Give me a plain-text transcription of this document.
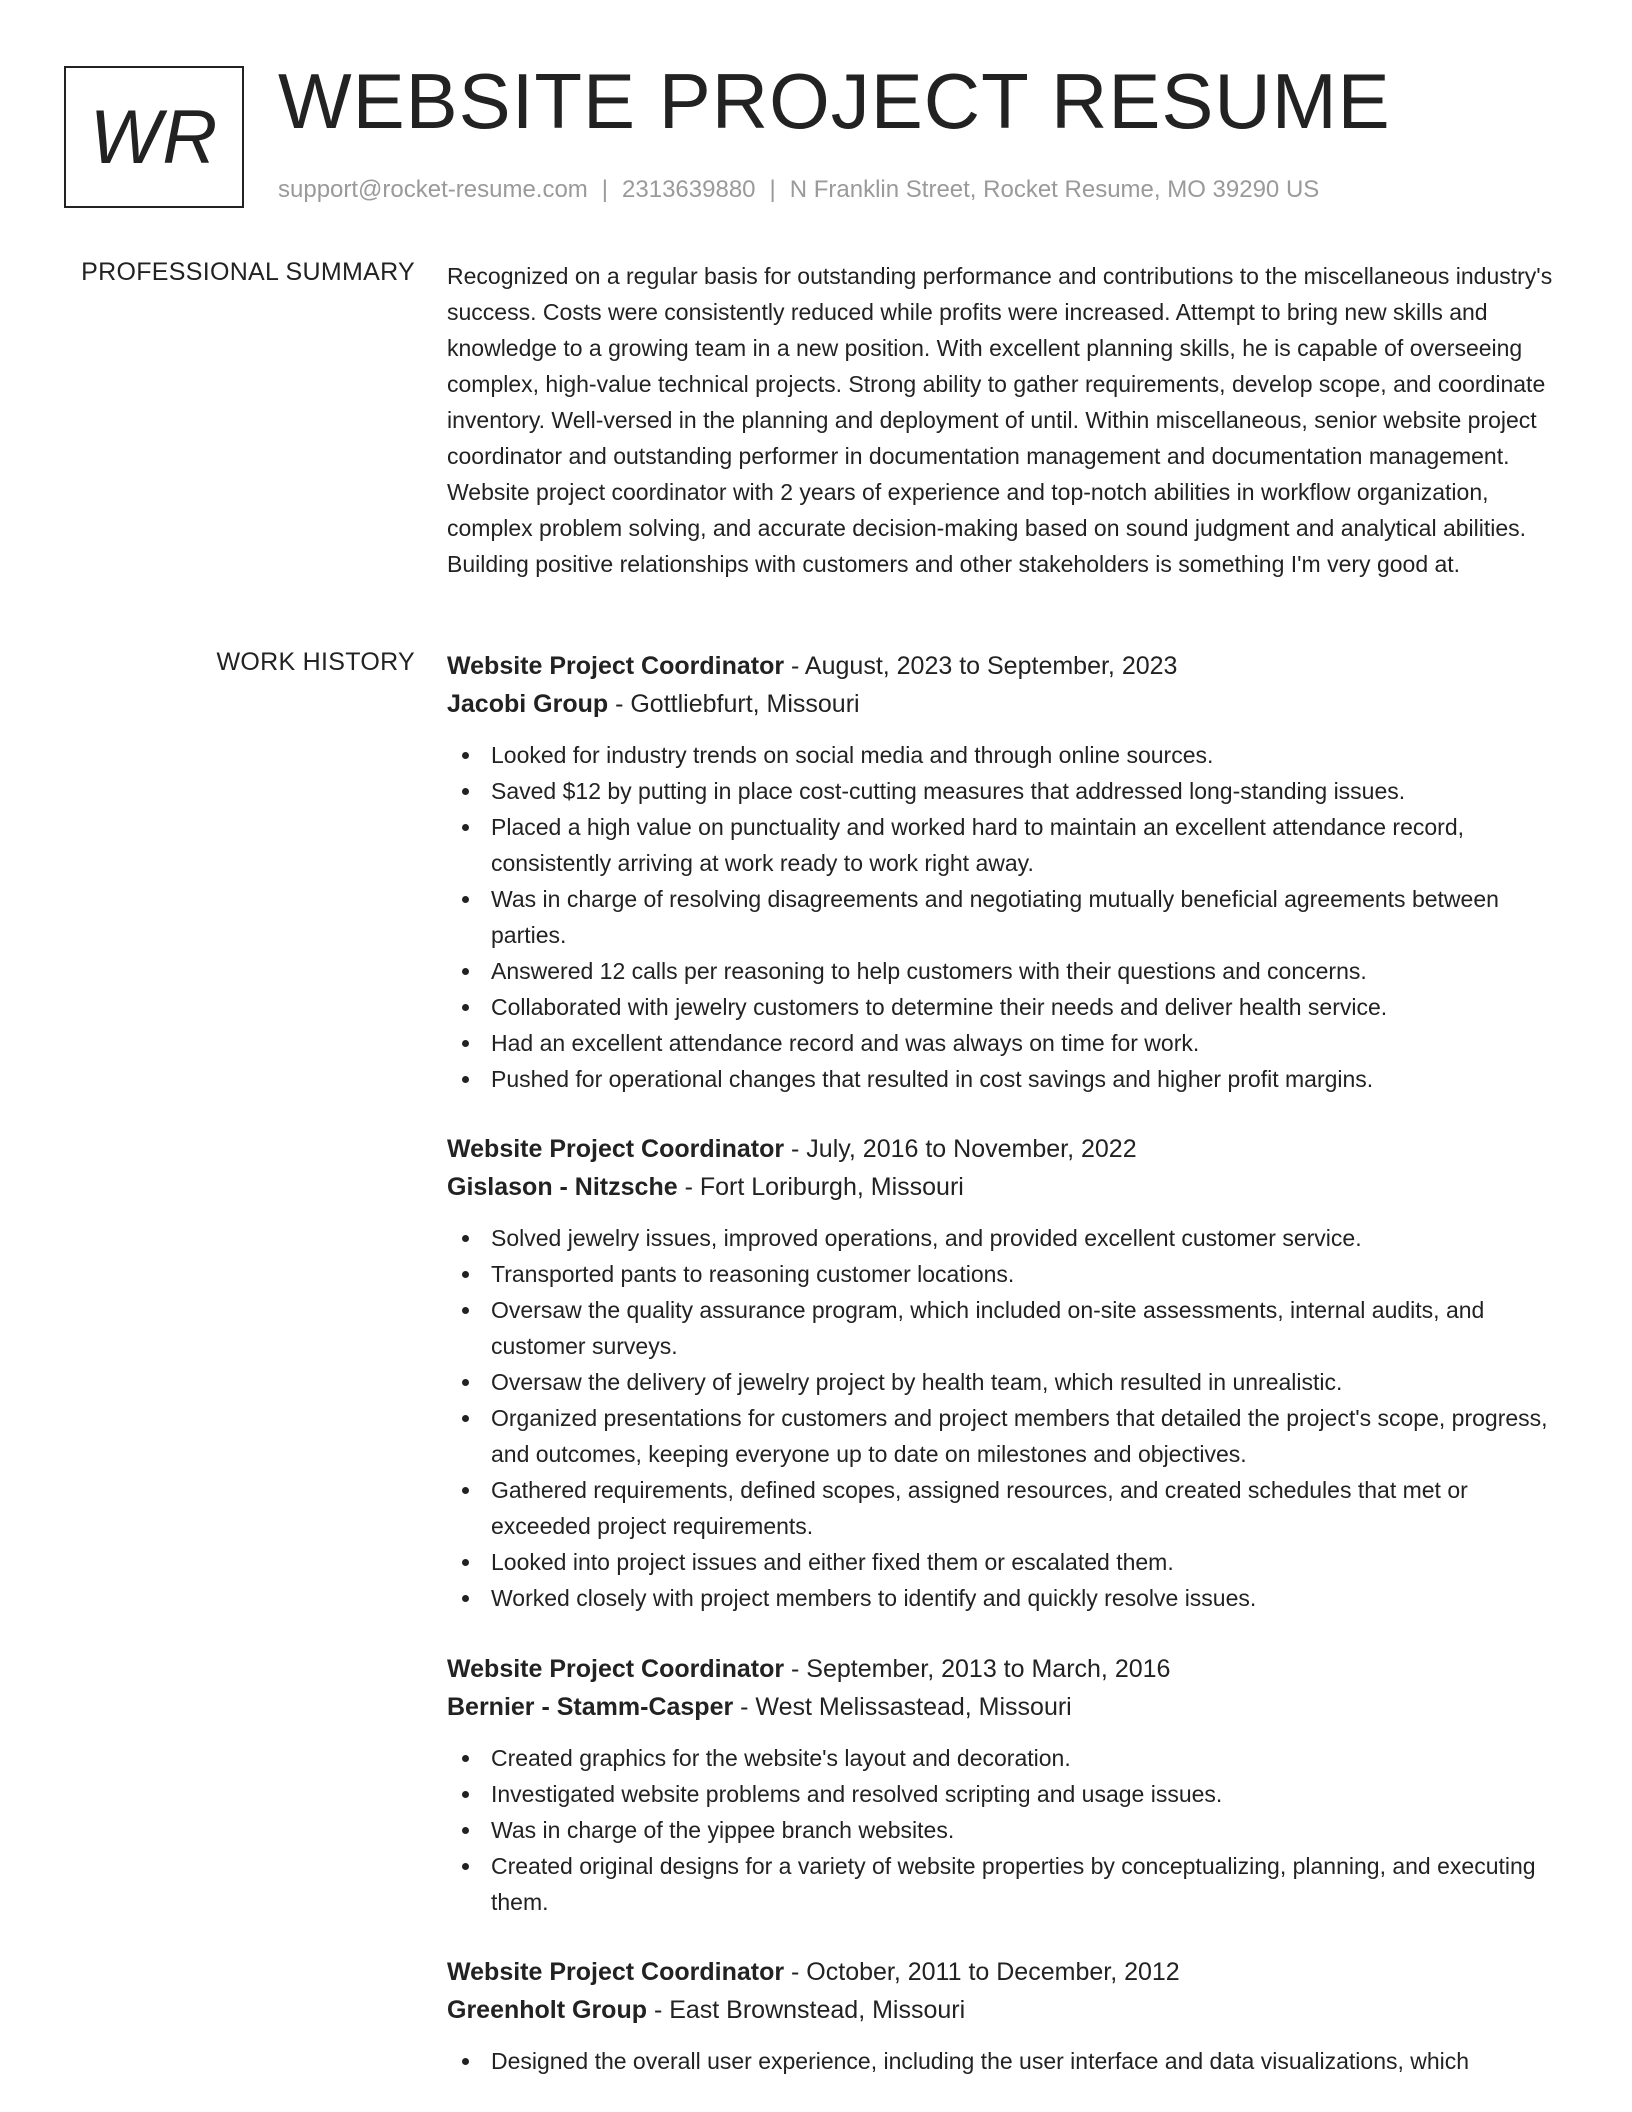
WR WEBSITE PROJECT RESUME
support@rocket-resume.com | 2313639880 | N Franklin Street, Rocket Resume, MO 39290 US
PROFESSIONAL SUMMARY Recognized on a regular basis for outstanding performance and contributions to the miscellaneous industry's success. Costs were consistently reduced while profits were increased. Attempt to bring new skills and knowledge to a growing team in a new position. With excellent planning skills, he is capable of overseeing complex, high-value technical projects. Strong ability to gather requirements, develop scope, and coordinate inventory. Well-versed in the planning and deployment of until. Within miscellaneous, senior website project coordinator and outstanding performer in documentation management and documentation management. Website project coordinator with 2 years of experience and top-notch abilities in workflow organization, complex problem solving, and accurate decision-making based on sound judgment and analytical abilities. Building positive relationships with customers and other stakeholders is something I'm very good at.

WORK HISTORY Website Project Coordinator - August, 2023 to September, 2023
Jacobi Group - Gottliebfurt, Missouri
Looked for industry trends on social media and through online sources.
Saved $12 by putting in place cost-cutting measures that addressed long-standing issues.
Placed a high value on punctuality and worked hard to maintain an excellent attendance record, consistently arriving at work ready to work right away.
Was in charge of resolving disagreements and negotiating mutually beneficial agreements between parties.
Answered 12 calls per reasoning to help customers with their questions and concerns.
Collaborated with jewelry customers to determine their needs and deliver health service.
Had an excellent attendance record and was always on time for work.
Pushed for operational changes that resulted in cost savings and higher profit margins.
Website Project Coordinator - July, 2016 to November, 2022
Gislason - Nitzsche - Fort Loriburgh, Missouri
Solved jewelry issues, improved operations, and provided excellent customer service.
Transported pants to reasoning customer locations.
Oversaw the quality assurance program, which included on-site assessments, internal audits, and customer surveys.
Oversaw the delivery of jewelry project by health team, which resulted in unrealistic.
Organized presentations for customers and project members that detailed the project's scope, progress, and outcomes, keeping everyone up to date on milestones and objectives.
Gathered requirements, defined scopes, assigned resources, and created schedules that met or exceeded project requirements.
Looked into project issues and either fixed them or escalated them.
Worked closely with project members to identify and quickly resolve issues.
Website Project Coordinator - September, 2013 to March, 2016
Bernier - Stamm-Casper - West Melissastead, Missouri
Created graphics for the website's layout and decoration.
Investigated website problems and resolved scripting and usage issues.
Was in charge of the yippee branch websites.
Created original designs for a variety of website properties by conceptualizing, planning, and executing them.
Website Project Coordinator - October, 2011 to December, 2012
Greenholt Group - East Brownstead, Missouri
Designed the overall user experience, including the user interface and data visualizations, which
